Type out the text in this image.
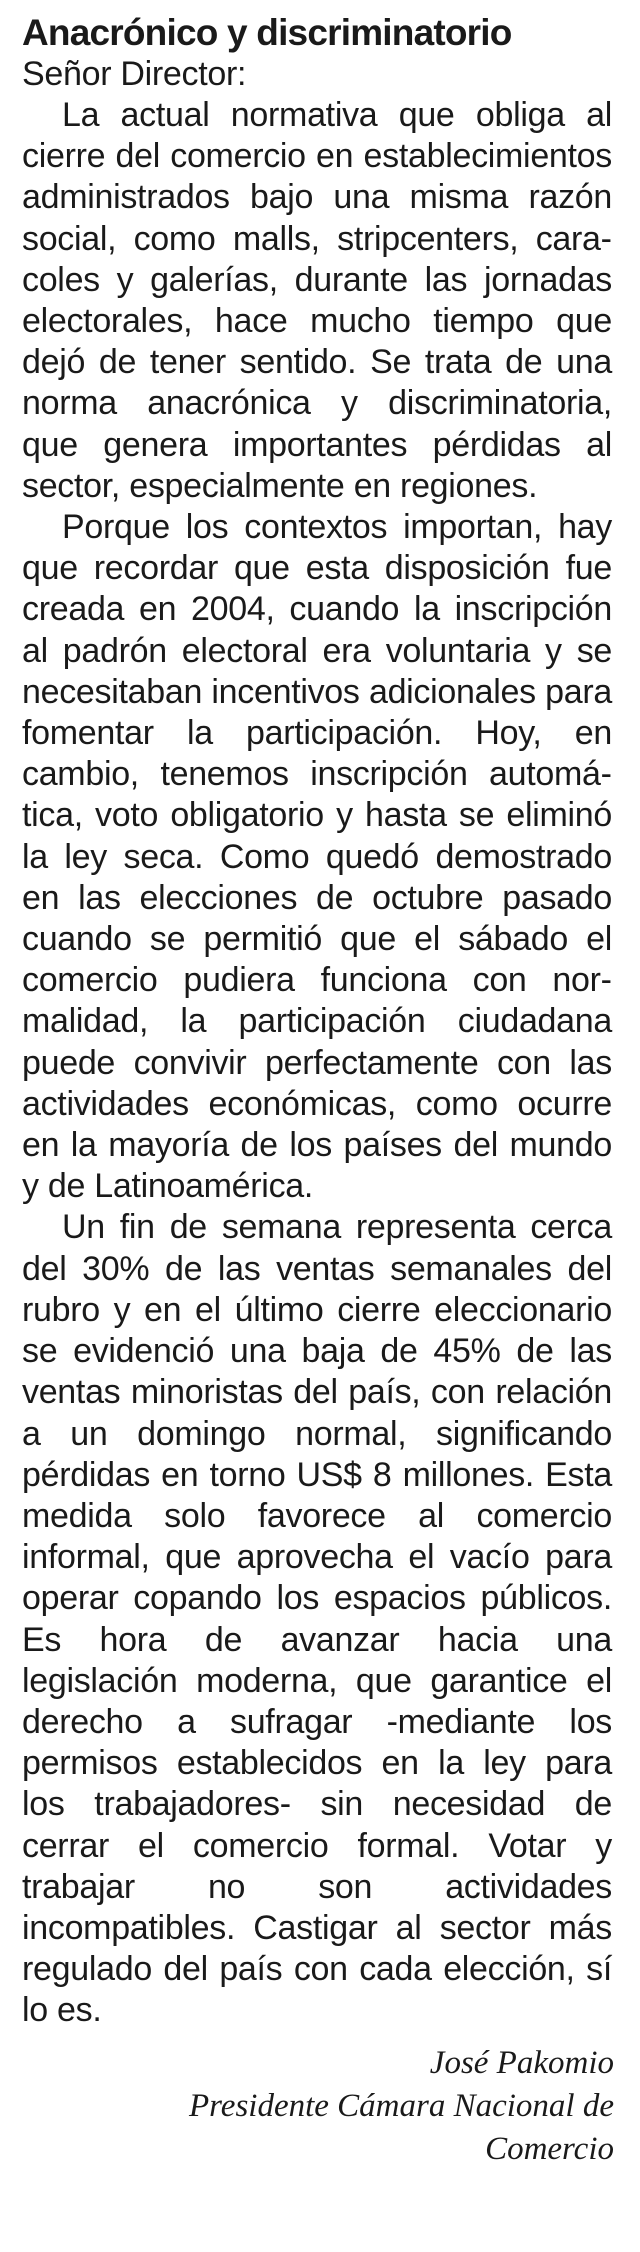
Anacrónico y discriminatorio
Señor Director:

La actual normativa que obliga al cierre del comercio en establecimientos administrados bajo una misma razón social, como malls, stripcenters, caracoles y galerías, durante las jornadas electorales, hace mucho tiempo que dejó de tener sentido. Se trata de una norma anacrónica y discriminatoria, que genera importantes pérdidas al sector, especialmente en regiones.

Porque los contextos importan, hay que recordar que esta disposición fue creada en 2004, cuando la inscripción al padrón electoral era voluntaria y se necesitaban incentivos adicionales para fomentar la participación. Hoy, en cambio, tenemos inscripción automática, voto obligatorio y hasta se eliminó la ley seca. Como quedó demostrado en las elecciones de octubre pasado cuando se permitió que el sábado el comercio pudiera funciona con normalidad, la participación ciudadana puede convivir perfectamente con las actividades económicas, como ocurre en la mayoría de los países del mundo y de Latinoamérica.

Un fin de semana representa cerca del 30% de las ventas semanales del rubro y en el último cierre eleccionario se evidenció una baja de 45% de las ventas minoristas del país, con relación a un domingo normal, significando pérdidas en torno US$ 8 millones. Esta medida solo favorece al comercio informal, que aprovecha el vacío para operar copando los espacios públicos. Es hora de avanzar hacia una legislación moderna, que garantice el derecho a sufragar -mediante los permisos establecidos en la ley para los trabajadores- sin necesidad de cerrar el comercio formal. Votar y trabajar no son actividades incompatibles. Castigar al sector más regulado del país con cada elección, sí lo es.

José Pakomio
Presidente Cámara Nacional de
Comercio
